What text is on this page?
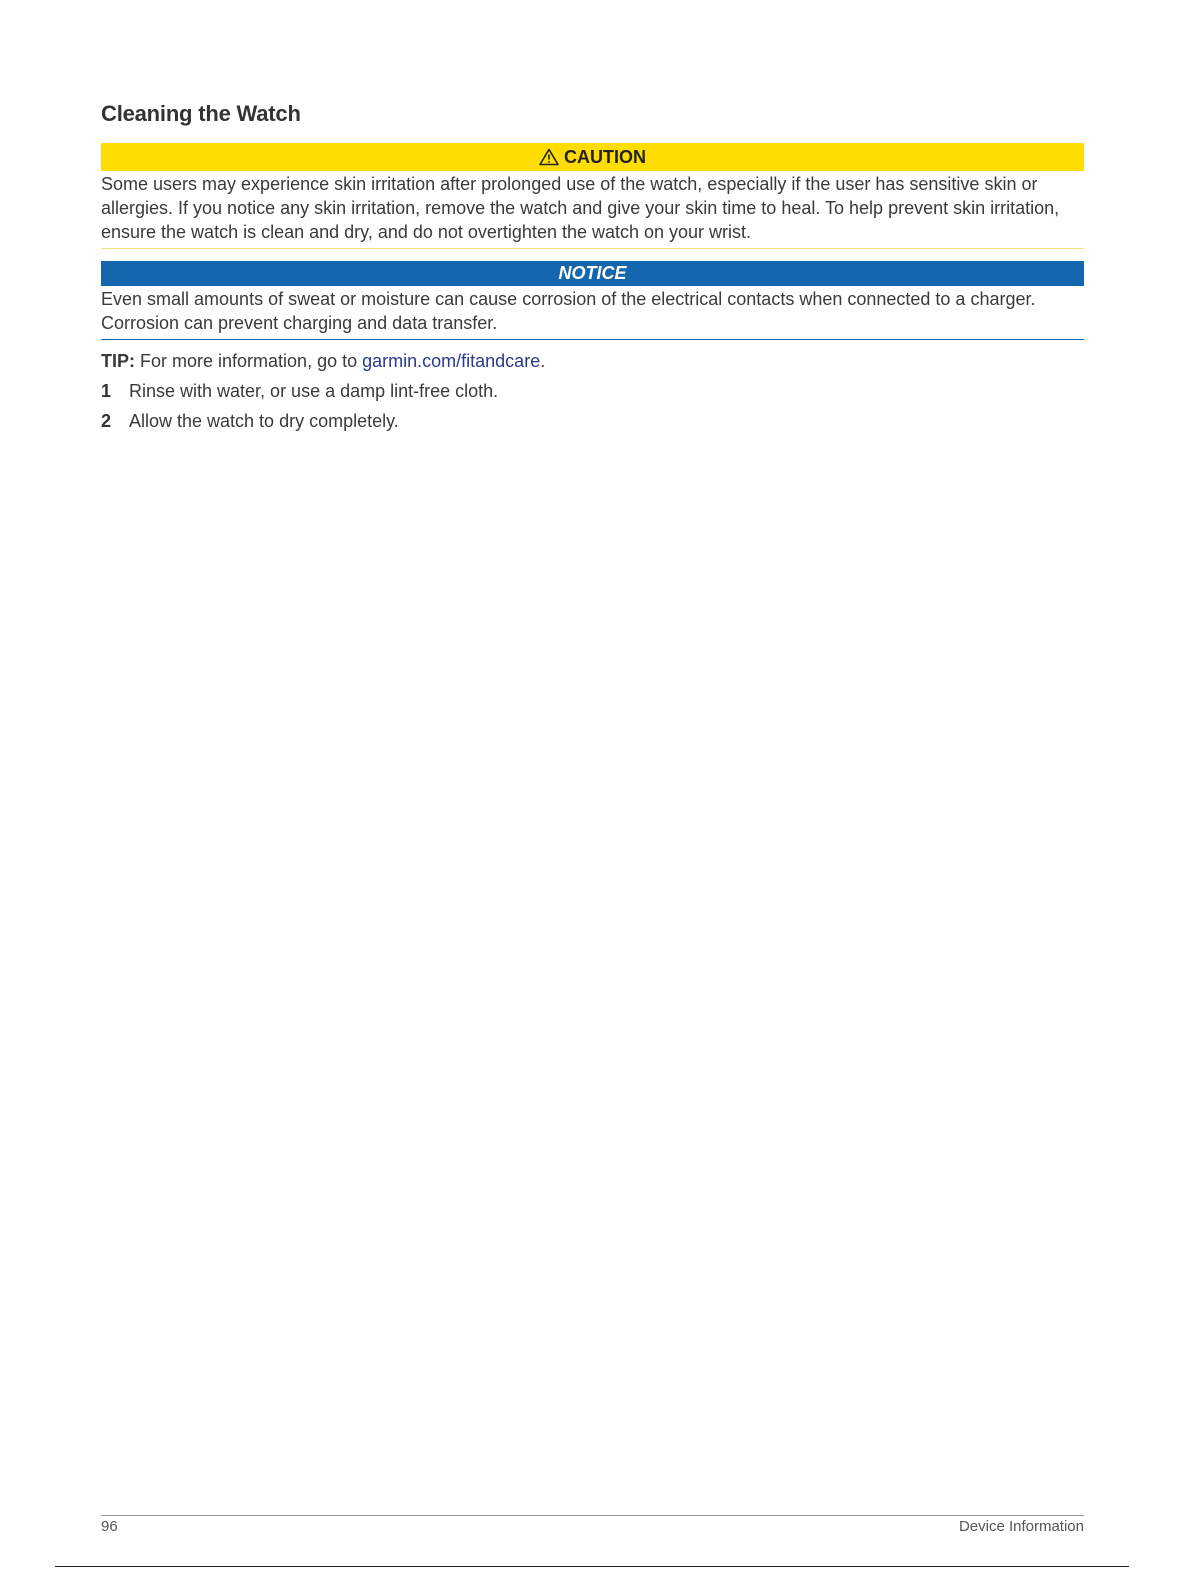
Cleaning the Watch
CAUTION
Some users may experience skin irritation after prolonged use of the watch, especially if the user has sensitive skin or allergies. If you notice any skin irritation, remove the watch and give your skin time to heal. To help prevent skin irritation, ensure the watch is clean and dry, and do not overtighten the watch on your wrist.
NOTICE
Even small amounts of sweat or moisture can cause corrosion of the electrical contacts when connected to a charger. Corrosion can prevent charging and data transfer.
TIP: For more information, go to garmin.com/fitandcare.
1 Rinse with water, or use a damp lint-free cloth.
2 Allow the watch to dry completely.
96	Device Information
